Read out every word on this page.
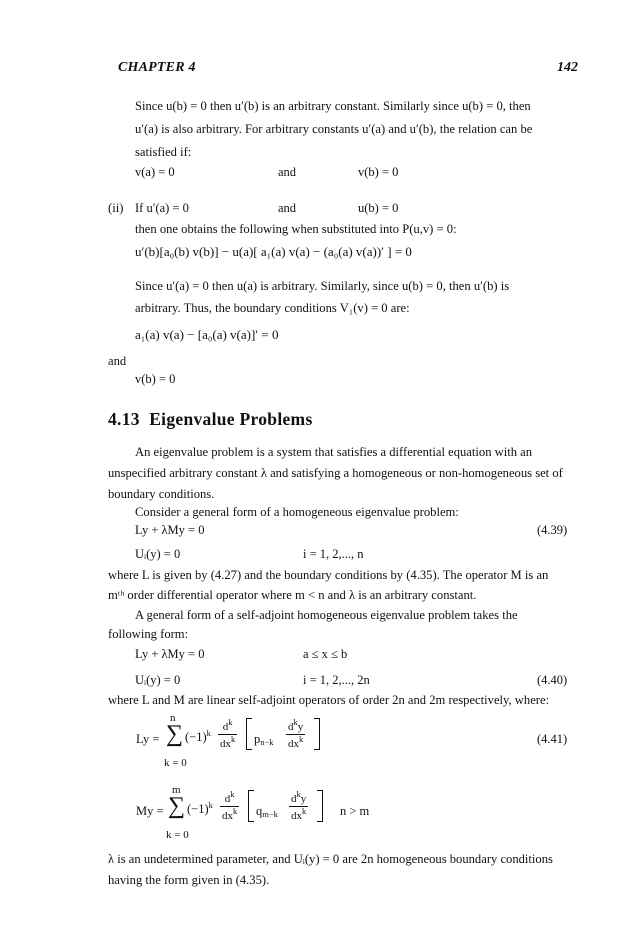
CHAPTER 4	142
Since u(b) = 0 then u′(b) is an arbitrary constant. Similarly since u(b) = 0, then
u′(a) is also arbitrary. For arbitrary constants u′(a) and u′(b), the relation can be
satisfied if:
v(a) = 0	and	v(b) = 0
(ii) If u′(a) = 0	and	u(b) = 0
then one obtains the following when substituted into P(u,v) = 0:
u′(b)[a₀(b) v(b)] − u(a)[ a₁(a) v(a) − (a₀(a) v(a))′ ] = 0
Since u′(a) = 0 then u(a) is arbitrary. Similarly, since u(b) = 0, then u′(b) is
arbitrary. Thus, the boundary conditions V₁(v) = 0 are:
a₁(a) v(a) − [a₀(a) v(a)]′ = 0
and
v(b) = 0
4.13 Eigenvalue Problems
An eigenvalue problem is a system that satisfies a differential equation with an
unspecified arbitrary constant λ and satisfying a homogeneous or non-homogeneous set of
boundary conditions.
Consider a general form of a homogeneous eigenvalue problem:
Ly + λMy = 0	(4.39)
Uᵢ(y) = 0	i = 1, 2,..., n
where L is given by (4.27) and the boundary conditions by (4.35). The operator M is an
mᵗʰ order differential operator where m < n and λ is an arbitrary constant.
A general form of a self-adjoint homogeneous eigenvalue problem takes the
following form:
Ly + λMy = 0	a ≤ x ≤ b
Uᵢ(y) = 0	i = 1, 2,..., 2n	(4.40)
where L and M are linear self-adjoint operators of order 2n and 2m respectively, where:
n
Ly = ∑ $(-1)^k$	$d^k$
$dx^k$ $p_{n-k}$
$d^ky$
$dx^k$
k = 0
(4.41)
m
My = ∑ $(-1)^k$	$d^k$
$dx^k$ $q_{m-k}$
$d^ky$
$dx^k$	n > m
k = 0
λ is an undetermined parameter, and Uᵢ(y) = 0 are 2n homogeneous boundary conditions
having the form given in (4.35).
